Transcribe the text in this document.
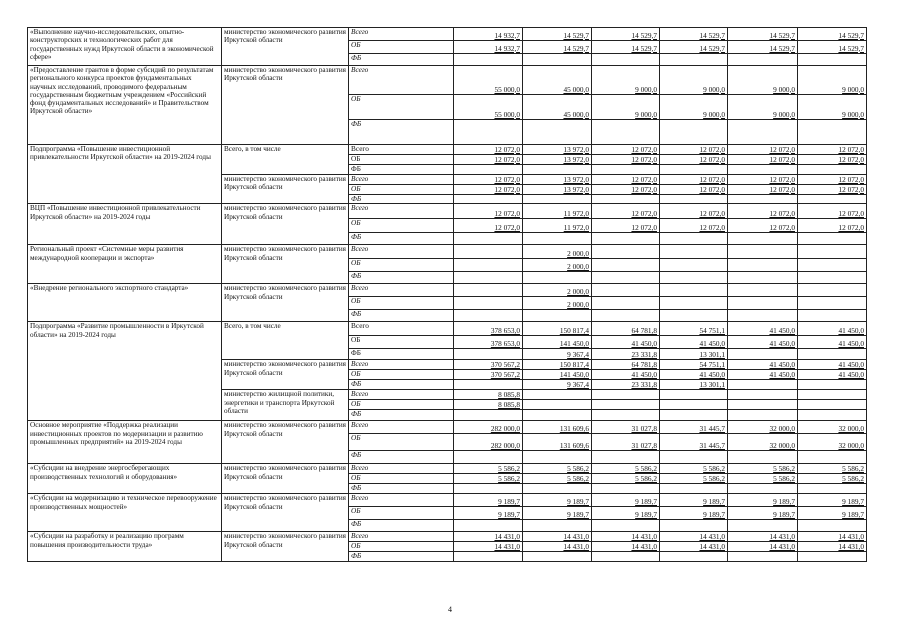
«Выполнение научно-исследовательских, опытно-конструкторских и технологических работ для государственных нужд Иркутской области в экономической сфере»	министерство экономического развития Иркутской области	Всего	14 932,7	14 529,7	14 529,7	14 529,7	14 529,7	14 529,7
		ОБ	14 932,7	14 529,7	14 529,7	14 529,7	14 529,7	14 529,7
		ФБ						
«Предоставление грантов в форме субсидий по результатам регионального конкурса проектов фундаментальных научных исследований, проводимого федеральным государственным бюджетным учреждением «Российский фонд фундаментальных исследований» и Правительством Иркутской области»	министерство экономического развития Иркутской области	Всего	55 000,0	45 000,0	9 000,0	9 000,0	9 000,0	9 000,0
		ОБ	55 000,0	45 000,0	9 000,0	9 000,0	9 000,0	9 000,0
		ФБ						
Подпрограмма «Повышение инвестиционной привлекательности Иркутской области» на 2019-2024 годы	Всего, в том числе	Всего	12 072,0	13 972,0	12 072,0	12 072,0	12 072,0	12 072,0
		ОБ	12 072,0	13 972,0	12 072,0	12 072,0	12 072,0	12 072,0
		ФБ						
	министерство экономического развития Иркутской области	Всего	12 072,0	13 972,0	12 072,0	12 072,0	12 072,0	12 072,0
		ОБ	12 072,0	13 972,0	12 072,0	12 072,0	12 072,0	12 072,0
		ФБ						
ВЦП «Повышение инвестиционной привлекательности Иркутской области» на 2019-2024 годы	министерство экономического развития Иркутской области	Всего	12 072,0	11 972,0	12 072,0	12 072,0	12 072,0	12 072,0
		ОБ	12 072,0	11 972,0	12 072,0	12 072,0	12 072,0	12 072,0
		ФБ						
Региональный проект «Системные меры развития международной кооперации и экспорта»	министерство экономического развития Иркутской области	Всего		2 000,0				
		ОБ		2 000,0				
		ФБ						
«Внедрение регионального экспортного стандарта»	министерство экономического развития Иркутской области	Всего		2 000,0				
		ОБ		2 000,0				
		ФБ						
Подпрограмма «Развитие промышленности в Иркутской области» на 2019-2024 годы	Всего, в том числе	Всего	378 653,0	150 817,4	64 781,8	54 751,1	41 450,0	41 450,0
		ОБ	378 653,0	141 450,0	41 450,0	41 450,0	41 450,0	41 450,0
		ФБ		9 367,4	23 331,8	13 301,1		
	министерство экономического развития Иркутской области	Всего	370 567,2	150 817,4	64 781,8	54 751,1	41 450,0	41 450,0
		ОБ	370 567,2	141 450,0	41 450,0	41 450,0	41 450,0	41 450,0
		ФБ		9 367,4	23 331,8	13 301,1		
	министерство жилищной политики, энергетики и транспорта Иркутской области	Всего	8 085,8					
		ОБ	8 085,8					
		ФБ						
Основное мероприятие «Поддержка реализации инвестиционных проектов по модернизации и развитию промышленных предприятий» на 2019-2024 годы	министерство экономического развития Иркутской области	Всего	282 000,0	131 609,6	31 027,8	31 445,7	32 000,0	32 000,0
		ОБ	282 000,0	131 609,6	31 027,8	31 445,7	32 000,0	32 000,0
		ФБ						
«Субсидии на внедрение энергосберегающих производственных технологий и оборудования»	министерство экономического развития Иркутской области	Всего	5 586,2	5 586,2	5 586,2	5 586,2	5 586,2	5 586,2
		ОБ	5 586,2	5 586,2	5 586,2	5 586,2	5 586,2	5 586,2
		ФБ						
«Субсидии на модернизацию и техническое перевооружение производственных мощностей»	министерство экономического развития Иркутской области	Всего	9 189,7	9 189,7	9 189,7	9 189,7	9 189,7	9 189,7
		ОБ	9 189,7	9 189,7	9 189,7	9 189,7	9 189,7	9 189,7
		ФБ						
«Субсидии на разработку и реализацию программ повышения производительности труда»	министерство экономического развития Иркутской области	Всего	14 431,0	14 431,0	14 431,0	14 431,0	14 431,0	14 431,0
		ОБ	14 431,0	14 431,0	14 431,0	14 431,0	14 431,0	14 431,0
		ФБ						
4
